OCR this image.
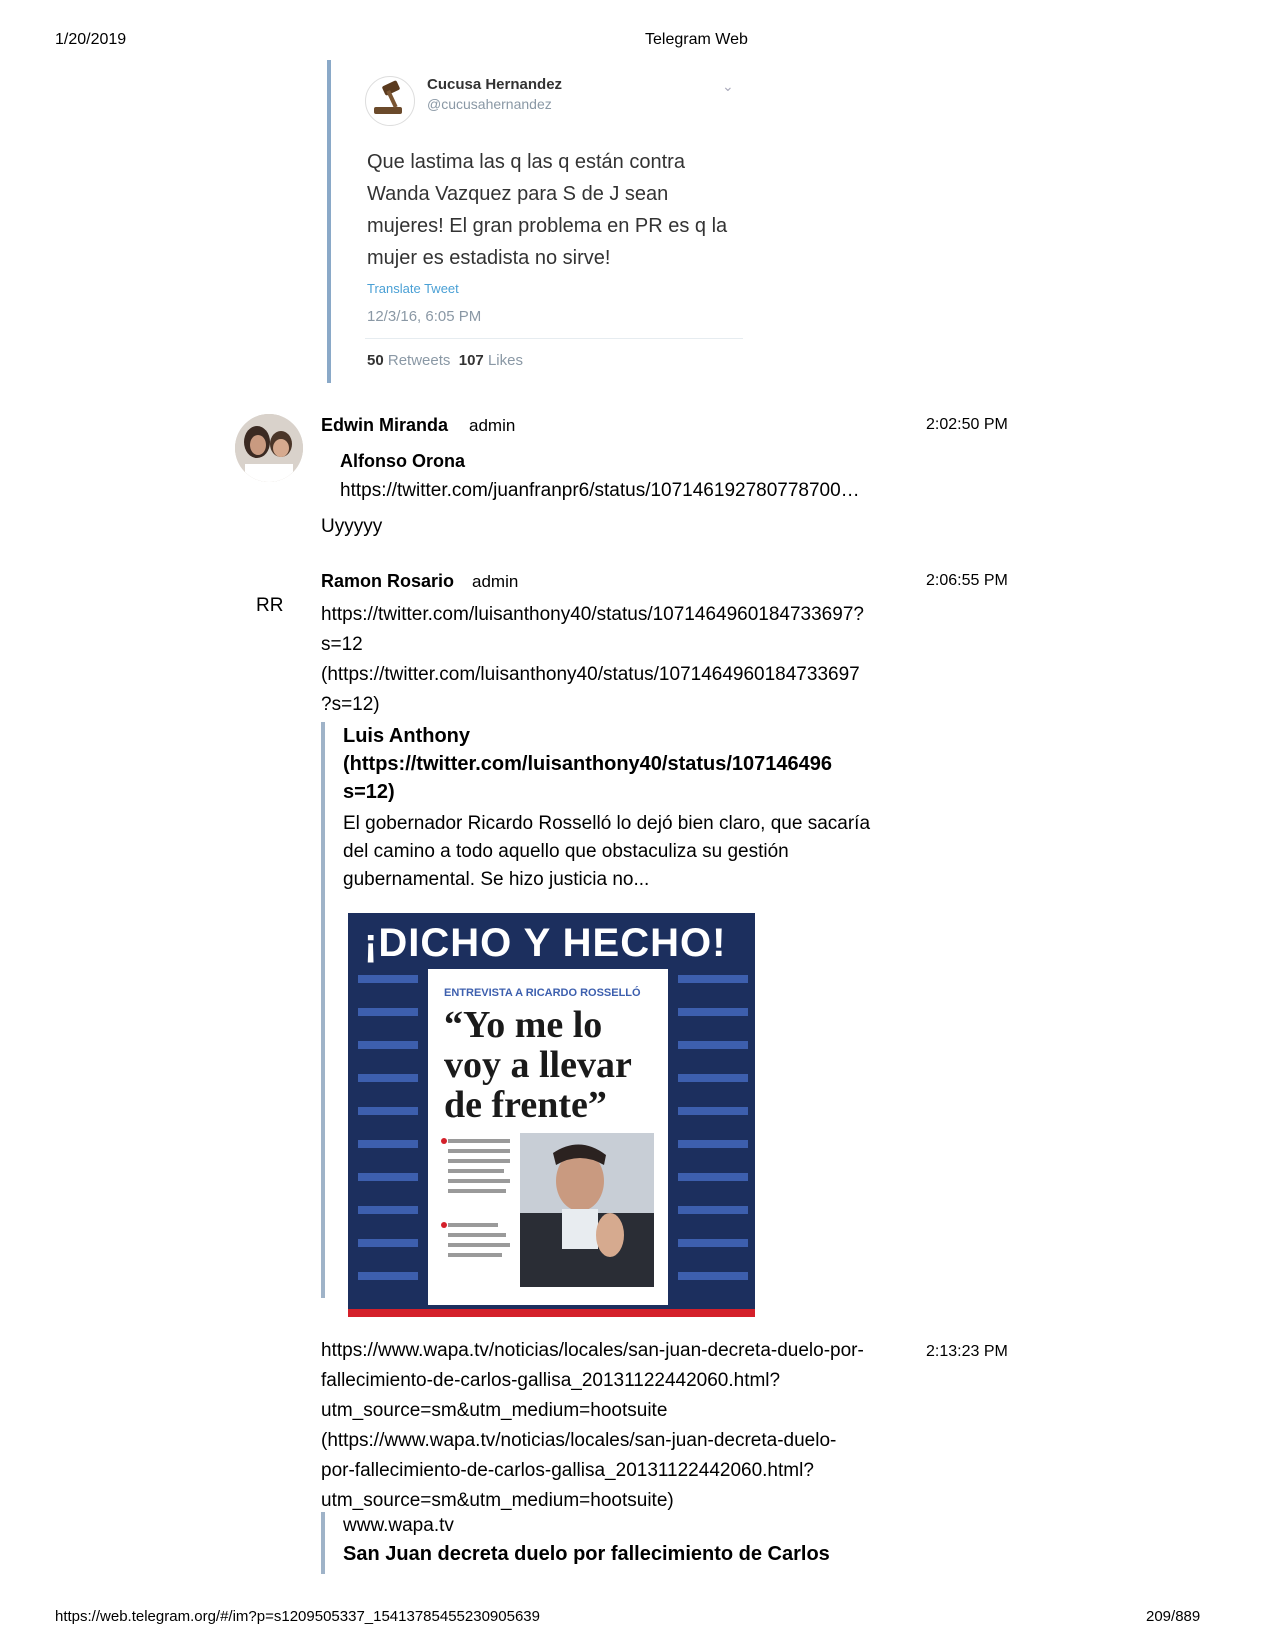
1/20/2019	Telegram Web
Cucusa Hernandez
@cucusahernandez
⌄
Que lastima las q las q están contra Wanda Vazquez para S de J sean mujeres! El gran problema en PR es q la mujer es estadista no sirve!
Translate Tweet
12/3/16, 6:05 PM
50 Retweets 107 Likes
Edwin Miranda admin	2:02:50 PM
Alfonso Orona
https://twitter.com/juanfranpr6/status/107146192780778700…
Uyyyyy
RR
Ramon Rosario admin	2:06:55 PM
https://twitter.com/luisanthony40/status/1071464960184733697?
s=12
(https://twitter.com/luisanthony40/status/1071464960184733697
?s=12)
Luis Anthony
(https://twitter.com/luisanthony40/status/107146496
s=12)
El gobernador Ricardo Rosselló lo dejó bien claro, que sacaría
del camino a todo aquello que obstaculiza su gestión
gubernamental. Se hizo justicia no...
¡DICHO Y HECHO!
ENTREVISTA A RICARDO ROSSELLÓ
“Yo me lo
voy a llevar
de frente”
2:13:23 PM
https://www.wapa.tv/noticias/locales/san-juan-decreta-duelo-por-
fallecimiento-de-carlos-gallisa_20131122442060.html?
utm_source=sm&utm_medium=hootsuite
(https://www.wapa.tv/noticias/locales/san-juan-decreta-duelo-
por-fallecimiento-de-carlos-gallisa_20131122442060.html?
utm_source=sm&utm_medium=hootsuite)
www.wapa.tv
San Juan decreta duelo por fallecimiento de Carlos
https://web.telegram.org/#/im?p=s1209505337_15413785455230905639	209/889
